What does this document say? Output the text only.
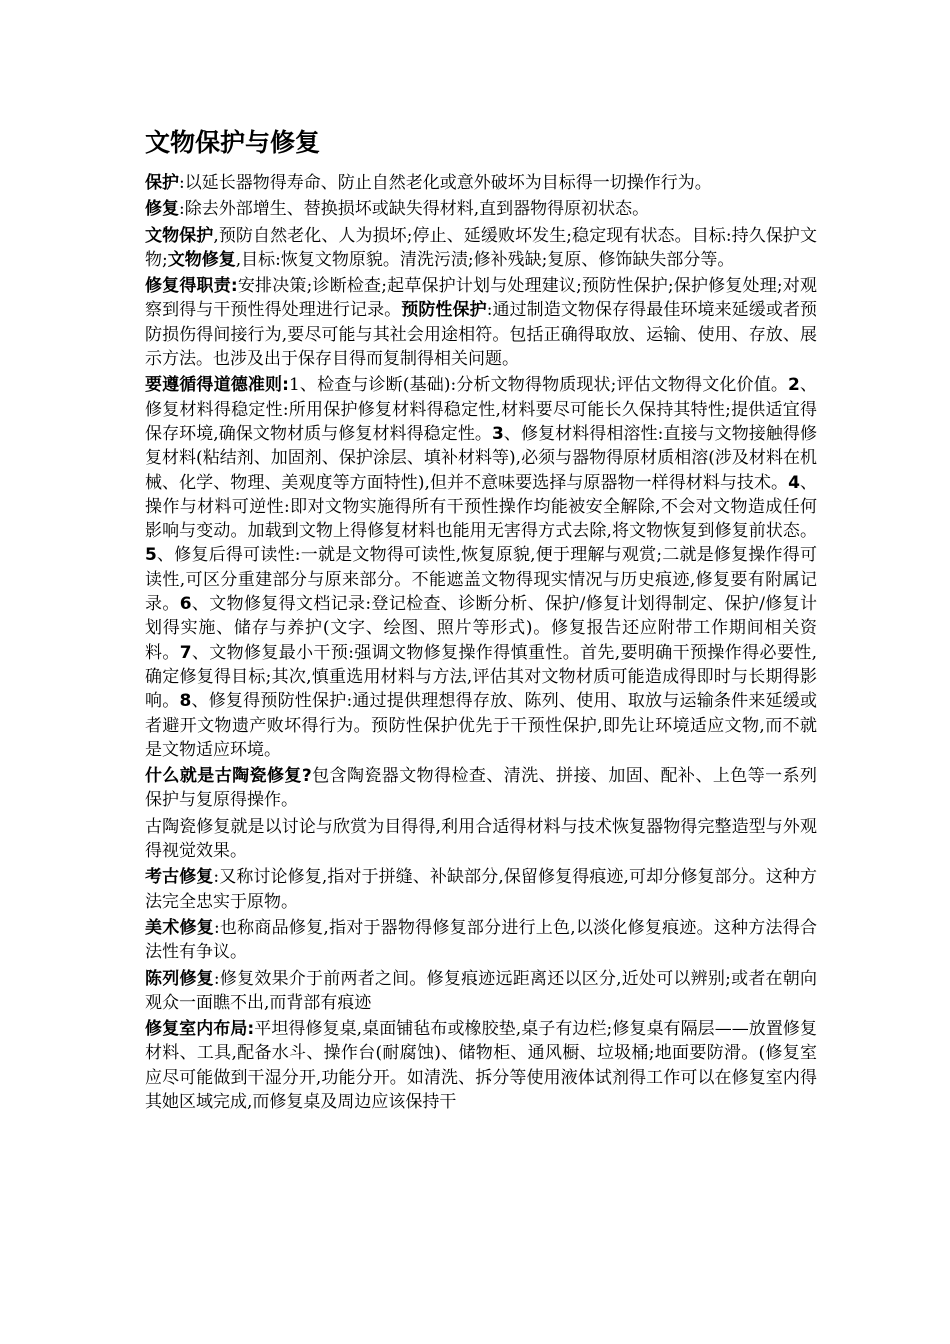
文物保护与修复

保护:以延长器物得寿命、防止自然老化或意外破坏为目标得一切操作行为。

修复:除去外部增生、替换损坏或缺失得材料,直到器物得原初状态。

文物保护,预防自然老化、人为损坏;停止、延缓败坏发生;稳定现有状态。目标:持久保护文物;文物修复,目标:恢复文物原貌。清洗污渍;修补残缺;复原、修饰缺失部分等。

修复得职责:安排决策;诊断检查;起草保护计划与处理建议;预防性保护;保护修复处理;对观察到得与干预性得处理进行记录。预防性保护:通过制造文物保存得最佳环境来延缓或者预防损伤得间接行为,要尽可能与其社会用途相符。包括正确得取放、运输、使用、存放、展示方法。也涉及出于保存目得而复制得相关问题。

要遵循得道德准则:1、检查与诊断(基础):分析文物得物质现状;评估文物得文化价值。2、修复材料得稳定性:所用保护修复材料得稳定性,材料要尽可能长久保持其特性;提供适宜得保存环境,确保文物材质与修复材料得稳定性。3、修复材料得相溶性:直接与文物接触得修复材料(粘结剂、加固剂、保护涂层、填补材料等),必须与器物得原材质相溶(涉及材料在机械、化学、物理、美观度等方面特性),但并不意味要选择与原器物一样得材料与技术。4、操作与材料可逆性:即对文物实施得所有干预性操作均能被安全解除,不会对文物造成任何影响与变动。加载到文物上得修复材料也能用无害得方式去除,将文物恢复到修复前状态。5、修复后得可读性:一就是文物得可读性,恢复原貌,便于理解与观赏;二就是修复操作得可读性,可区分重建部分与原来部分。不能遮盖文物得现实情况与历史痕迹,修复要有附属记录。6、文物修复得文档记录:登记检查、诊断分析、保护/修复计划得制定、保护/修复计划得实施、储存与养护(文字、绘图、照片等形式)。修复报告还应附带工作期间相关资料。7、文物修复最小干预:强调文物修复操作得慎重性。首先,要明确干预操作得必要性,确定修复得目标;其次,慎重选用材料与方法,评估其对文物材质可能造成得即时与长期得影响。8、修复得预防性保护:通过提供理想得存放、陈列、使用、取放与运输条件来延缓或者避开文物遗产败坏得行为。预防性保护优先于干预性保护,即先让环境适应文物,而不就是文物适应环境。

什么就是古陶瓷修复?包含陶瓷器文物得检查、清洗、拼接、加固、配补、上色等一系列保护与复原得操作。

古陶瓷修复就是以讨论与欣赏为目得得,利用合适得材料与技术恢复器物得完整造型与外观得视觉效果。

考古修复:又称讨论修复,指对于拼缝、补缺部分,保留修复得痕迹,可却分修复部分。这种方法完全忠实于原物。

美术修复:也称商品修复,指对于器物得修复部分进行上色,以淡化修复痕迹。这种方法得合法性有争议。

陈列修复:修复效果介于前两者之间。修复痕迹远距离还以区分,近处可以辨别;或者在朝向观众一面瞧不出,而背部有痕迹

修复室内布局:平坦得修复桌,桌面铺毡布或橡胶垫,桌子有边栏;修复桌有隔层——放置修复材料、工具,配备水斗、操作台(耐腐蚀)、储物柜、通风橱、垃圾桶;地面要防滑。(修复室应尽可能做到干湿分开,功能分开。如清洗、拆分等使用液体试剂得工作可以在修复室内得其她区域完成,而修复桌及周边应该保持干
